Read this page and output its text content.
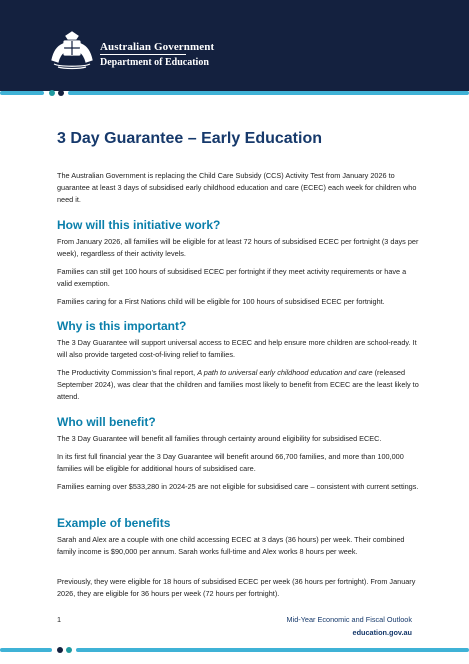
Australian Government
Department of Education
3 Day Guarantee – Early Education

The Australian Government is replacing the Child Care Subsidy (CCS) Activity Test from January 2026 to guarantee at least 3 days of subsidised early childhood education and care (ECEC) each week for children who need it.

How will this initiative work?

From January 2026, all families will be eligible for at least 72 hours of subsidised ECEC per fortnight (3 days per week), regardless of their activity levels.

Families can still get 100 hours of subsidised ECEC per fortnight if they meet activity requirements or have a valid exemption.

Families caring for a First Nations child will be eligible for 100 hours of subsidised ECEC per fortnight.

Why is this important?

The 3 Day Guarantee will support universal access to ECEC and help ensure more children are school-ready. It will also provide targeted cost-of-living relief to families.

The Productivity Commission’s final report, A path to universal early childhood education and care (released September 2024), was clear that the children and families most likely to benefit from ECEC are the least likely to attend.

Who will benefit?

The 3 Day Guarantee will benefit all families through certainty around eligibility for subsidised ECEC.

In its first full financial year the 3 Day Guarantee will benefit around 66,700 families, and more than 100,000 families will be eligible for additional hours of subsidised care.

Families earning over $533,280 in 2024-25 are not eligible for subsidised care – consistent with current settings.

Example of benefits

Sarah and Alex are a couple with one child accessing ECEC at 3 days (36 hours) per week. Their combined family income is $90,000 per annum. Sarah works full-time and Alex works 8 hours per week.

Previously, they were eligible for 18 hours of subsidised ECEC per week (36 hours per fortnight). From January 2026, they are eligible for 36 hours per week (72 hours per fortnight).

1	Mid-Year Economic and Fiscal Outlook
education.gov.au
